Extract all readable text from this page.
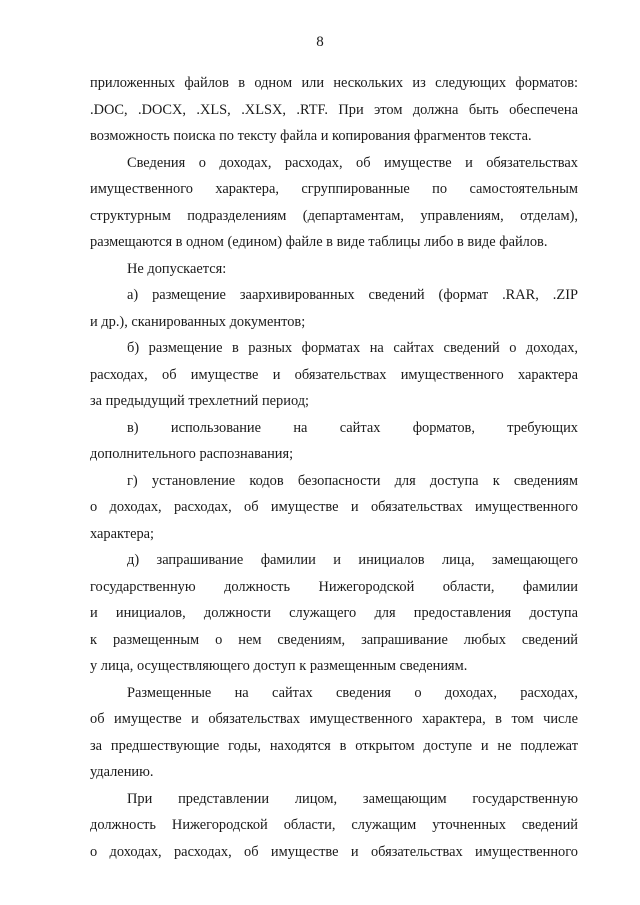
8
приложенных файлов в одном или нескольких из следующих форматов:
.DOC, .DOCX, .XLS, .XLSX, .RTF. При этом должна быть обеспечена
возможность поиска по тексту файла и копирования фрагментов текста.
Сведения о доходах, расходах, об имуществе и обязательствах
имущественного характера, сгруппированные по самостоятельным
структурным подразделениям (департаментам, управлениям, отделам),
размещаются в одном (едином) файле в виде таблицы либо в виде файлов.
Не допускается:
а) размещение заархивированных сведений (формат .RAR, .ZIP
и др.), сканированных документов;
б) размещение в разных форматах на сайтах сведений о доходах,
расходах, об имуществе и обязательствах имущественного характера
за предыдущий трехлетний период;
в) использование на сайтах форматов, требующих
дополнительного распознавания;
г) установление кодов безопасности для доступа к сведениям
о доходах, расходах, об имуществе и обязательствах имущественного
характера;
д) запрашивание фамилии и инициалов лица, замещающего
государственную должность Нижегородской области, фамилии
и инициалов, должности служащего для предоставления доступа
к размещенным о нем сведениям, запрашивание любых сведений
у лица, осуществляющего доступ к размещенным сведениям.
Размещенные на сайтах сведения о доходах, расходах,
об имуществе и обязательствах имущественного характера, в том числе
за предшествующие годы, находятся в открытом доступе и не подлежат
удалению.
При представлении лицом, замещающим государственную
должность Нижегородской области, служащим уточненных сведений
о доходах, расходах, об имуществе и обязательствах имущественного
